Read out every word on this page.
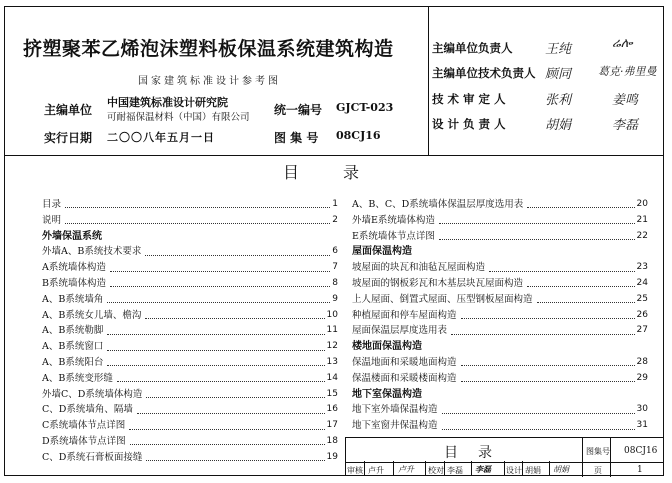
挤塑聚苯乙烯泡沫塑料板保温系统建筑构造
国家建筑标准设计参考图
主编单位
中国建筑标准设计研究院
可耐福保温材料（中国）有限公司
实行日期 二〇〇八年五月一日
统一编号 GJCT-023
图 集 号 08CJ16
主编单位负责人	王纯	ሬሎ
主编单位技术负责人 顾同 葛克·弗里曼
技 术 审 定 人	张利	姜鸣
设 计 负 责 人	胡娟	李磊
目录
目录	1
说明	2
外墙保温系统
外墙A、B系统技术要求	6
A系统墙体构造	7
B系统墙体构造	8
A、B系统墙角	9
A、B系统女儿墙、檐沟	10
A、B系统勒脚	11
A、B系统窗口	12
A、B系统阳台	13
A、B系统变形缝	14
外墙C、D系统墙体构造	15
C、D系统墙角、隔墙	16
C系统墙体节点详图	17
D系统墙体节点详图	18
C、D系统石膏板面接缝	19
A、B、C、D系统墙体保温层厚度选用表	20
外墙E系统墙体构造	21
E系统墙体节点详图	22
屋面保温构造
坡屋面的块瓦和油毡瓦屋面构造	23
坡屋面的钢板彩瓦和木基层块瓦屋面构造	24
上人屋面、倒置式屋面、压型钢板屋面构造	25
种植屋面和停车屋面构造	26
屋面保温层厚度选用表	27
楼地面保温构造
保温地面和采暖地面构造	28
保温楼面和采暖楼面构造	29
地下室保温构造
地下室外墙保温构造	30
地下室窗井保温构造	31
目录	图集号 08CJ16
页	1
审核 卢升 卢升 校对 李磊 李磊 设计 胡娟 胡娟
